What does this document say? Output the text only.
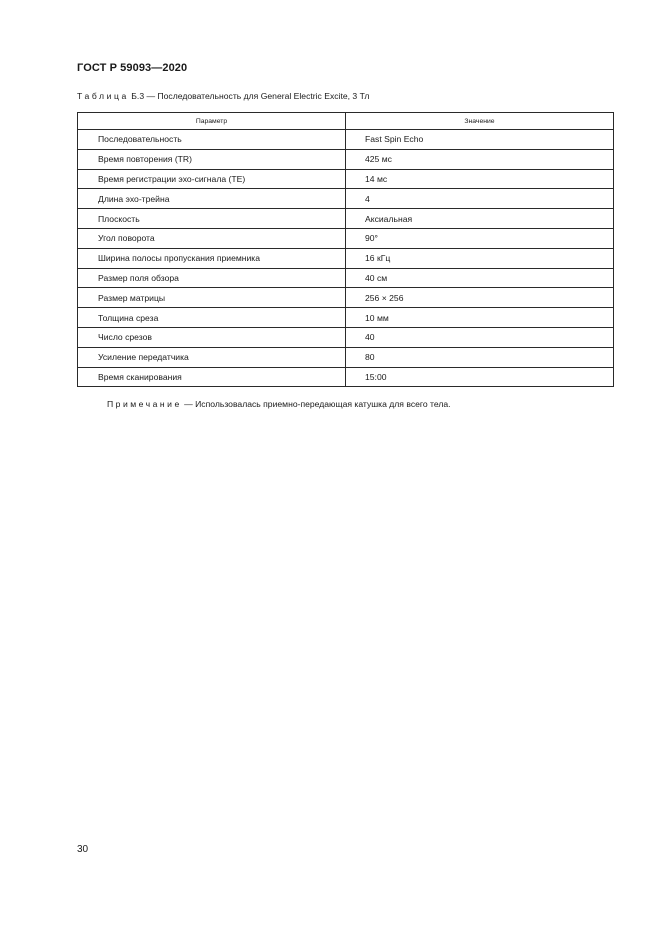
ГОСТ Р 59093—2020
Таблица Б.3 — Последовательность для General Electric Excite, 3 Тл
Параметр	Значение
Последовательность	Fast Spin Echo
Время повторения (TR)	425 мс
Время регистрации эхо-сигнала (TE)	14 мс
Длина эхо-трейна	4
Плоскость	Аксиальная
Угол поворота	90°
Ширина полосы пропускания приемника	16 кГц
Размер поля обзора	40 см
Размер матрицы	256 × 256
Толщина среза	10 мм
Число срезов	40
Усиление передатчика	80
Время сканирования	15:00
Примечание — Использовалась приемно-передающая катушка для всего тела.
30
